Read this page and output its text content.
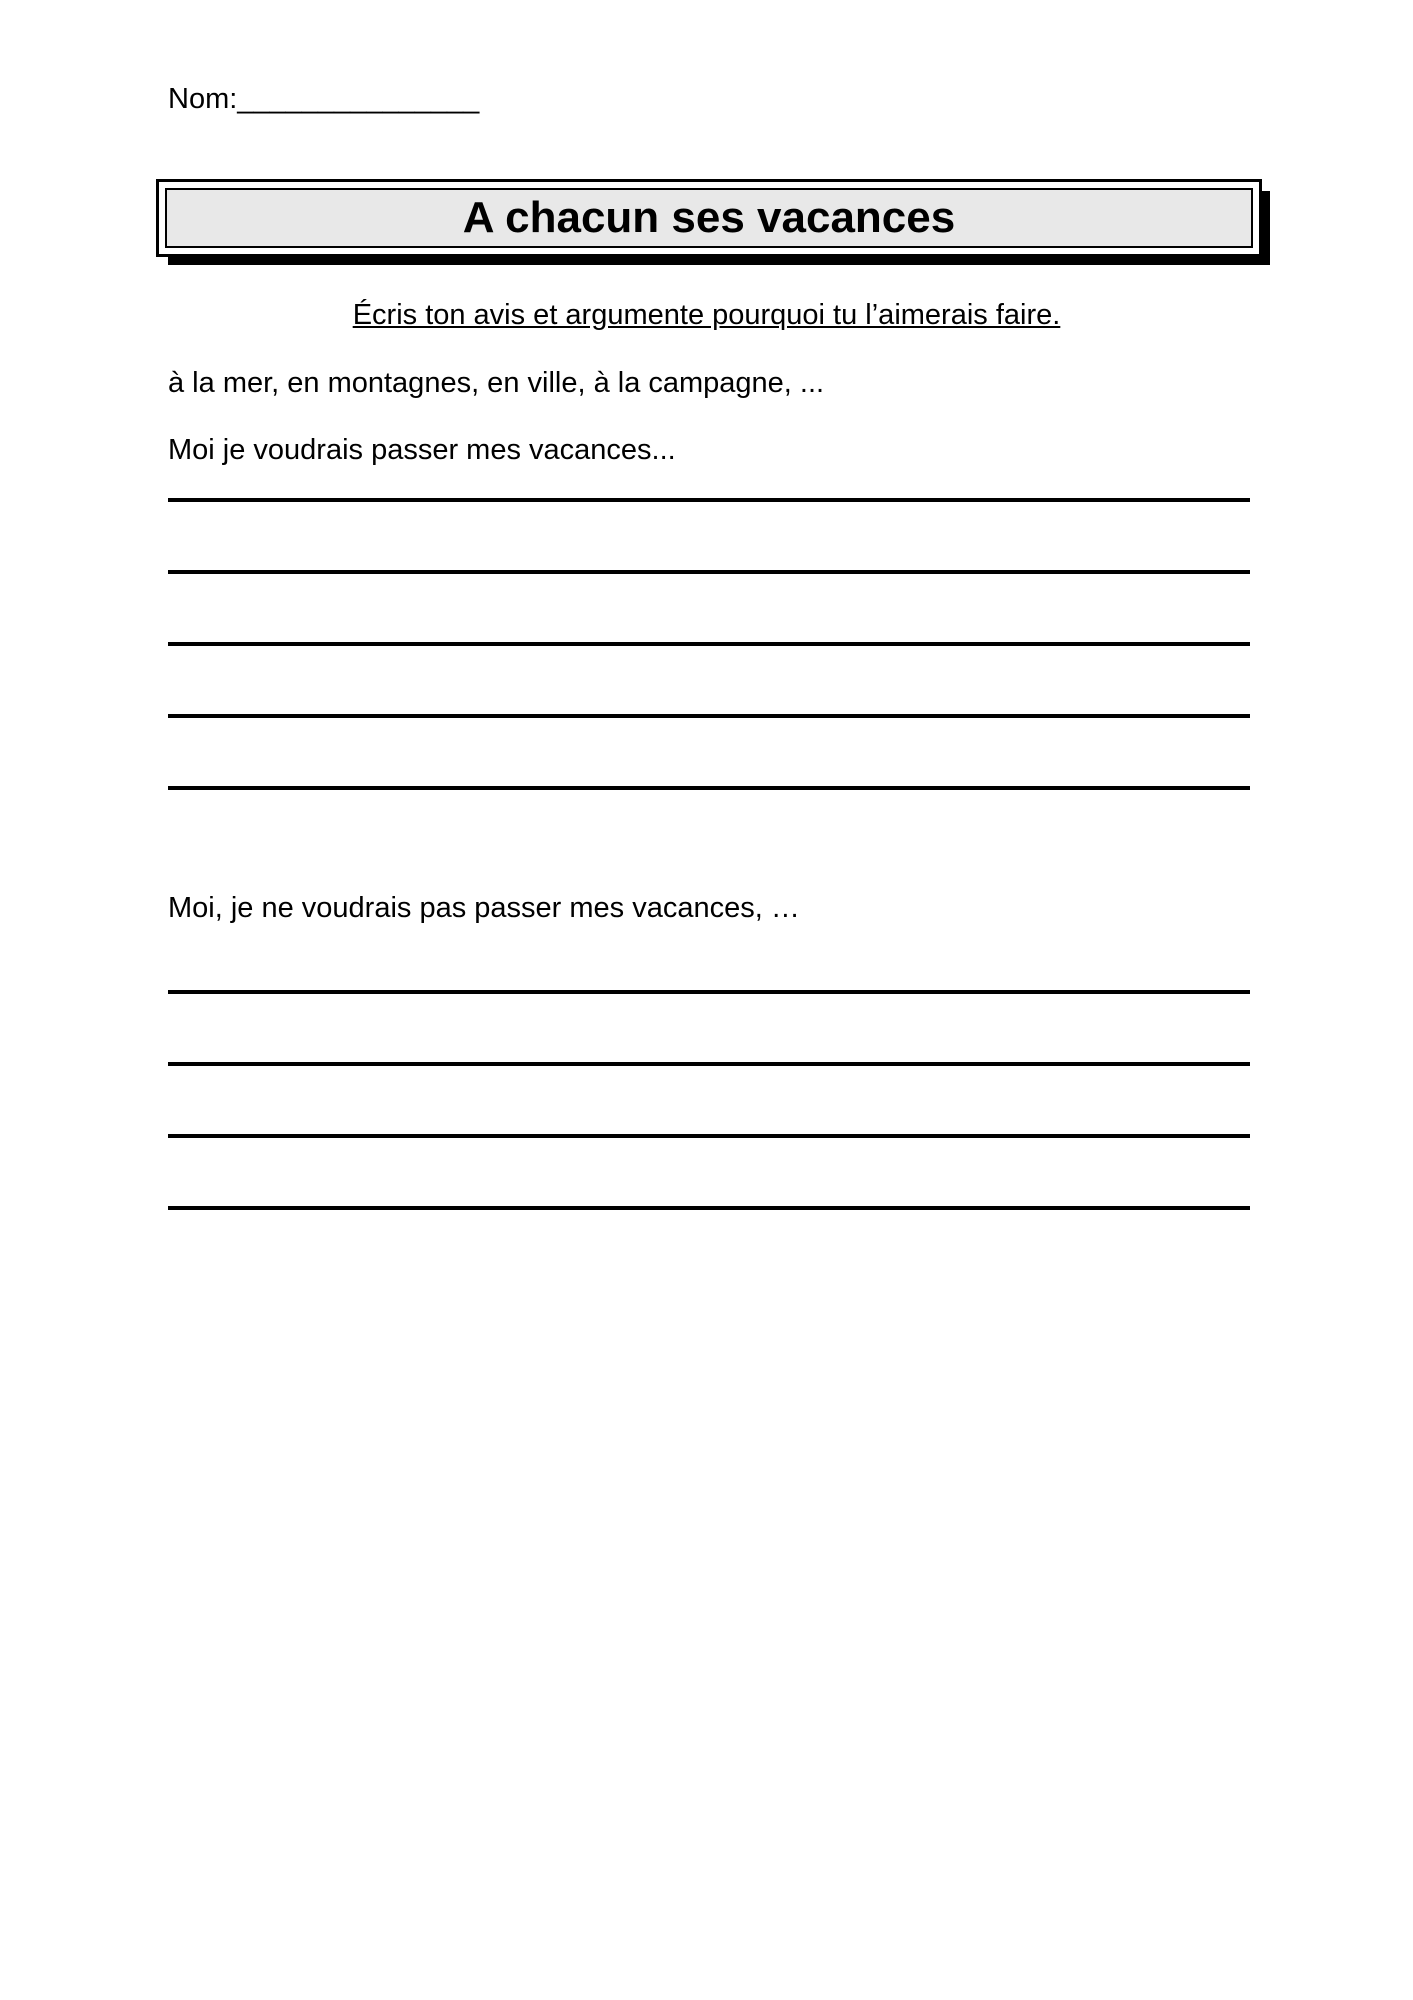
Nom:_______________
A chacun ses vacances
Écris ton avis et argumente pourquoi tu l’aimerais faire.
à la mer, en montagnes, en ville, à la campagne, ...
Moi je voudrais passer mes vacances...
Moi, je ne voudrais pas passer mes vacances, …
